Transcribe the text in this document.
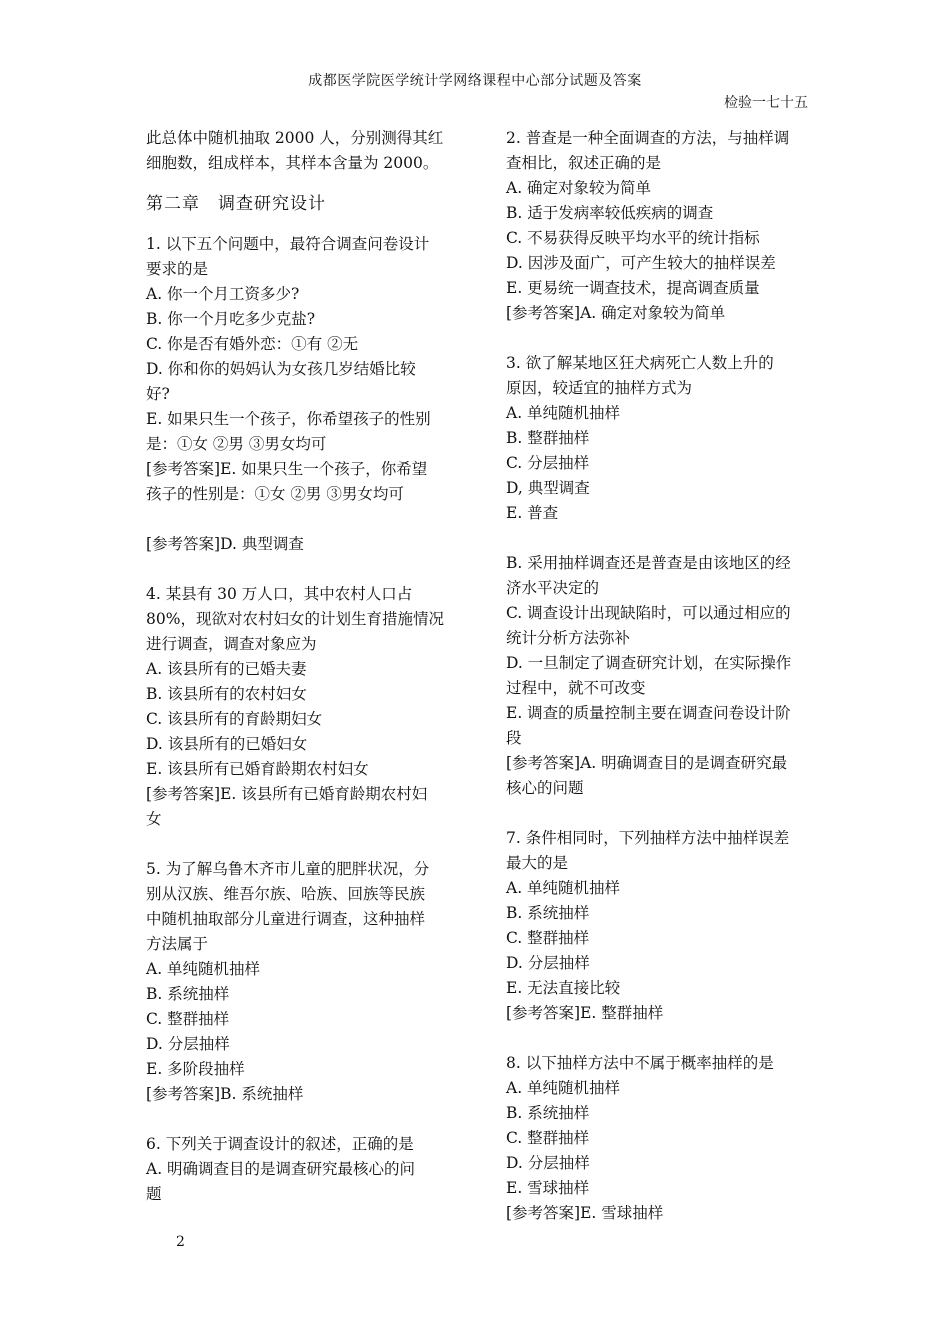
成都医学院医学统计学网络课程中心部分试题及答案
检验一七十五
此总体中随机抽取 2000 人，分别测得其红
细胞数，组成样本，其样本含量为 2000。
第二章　调查研究设计
1. 以下五个问题中，最符合调查问卷设计
要求的是
A. 你一个月工资多少?
B. 你一个月吃多少克盐?
C. 你是否有婚外恋：①有 ②无
D. 你和你的妈妈认为女孩几岁结婚比较
好?
E. 如果只生一个孩子，你希望孩子的性别
是：①女 ②男 ③男女均可
[参考答案]E. 如果只生一个孩子，你希望
孩子的性别是：①女 ②男 ③男女均可
[参考答案]D. 典型调查
4. 某县有 30 万人口，其中农村人口占
80%，现欲对农村妇女的计划生育措施情况
进行调查，调查对象应为
A. 该县所有的已婚夫妻
B. 该县所有的农村妇女
C. 该县所有的育龄期妇女
D. 该县所有的已婚妇女
E. 该县所有已婚育龄期农村妇女
[参考答案]E. 该县所有已婚育龄期农村妇
女
5. 为了解乌鲁木齐市儿童的肥胖状况，分
别从汉族、维吾尔族、哈族、回族等民族
中随机抽取部分儿童进行调查，这种抽样
方法属于
A. 单纯随机抽样
B. 系统抽样
C. 整群抽样
D. 分层抽样
E. 多阶段抽样
[参考答案]B. 系统抽样
6. 下列关于调查设计的叙述，正确的是
A. 明确调查目的是调查研究最核心的问
题
2. 普查是一种全面调查的方法，与抽样调
查相比，叙述正确的是
A. 确定对象较为简单
B. 适于发病率较低疾病的调查
C. 不易获得反映平均水平的统计指标
D. 因涉及面广，可产生较大的抽样误差
E. 更易统一调查技术，提高调查质量
[参考答案]A. 确定对象较为简单
3. 欲了解某地区狂犬病死亡人数上升的
原因，较适宜的抽样方式为
A. 单纯随机抽样
B. 整群抽样
C. 分层抽样
D, 典型调查
E. 普查
B. 采用抽样调查还是普查是由该地区的经
济水平决定的
C. 调查设计出现缺陷时，可以通过相应的
统计分析方法弥补
D. 一旦制定了调查研究计划，在实际操作
过程中，就不可改变
E. 调查的质量控制主要在调查问卷设计阶
段
[参考答案]A. 明确调查目的是调查研究最
核心的问题
7. 条件相同时，下列抽样方法中抽样误差
最大的是
A. 单纯随机抽样
B. 系统抽样
C. 整群抽样
D. 分层抽样
E. 无法直接比较
[参考答案]E. 整群抽样
8. 以下抽样方法中不属于概率抽样的是
A. 单纯随机抽样
B. 系统抽样
C. 整群抽样
D. 分层抽样
E. 雪球抽样
[参考答案]E. 雪球抽样
2
